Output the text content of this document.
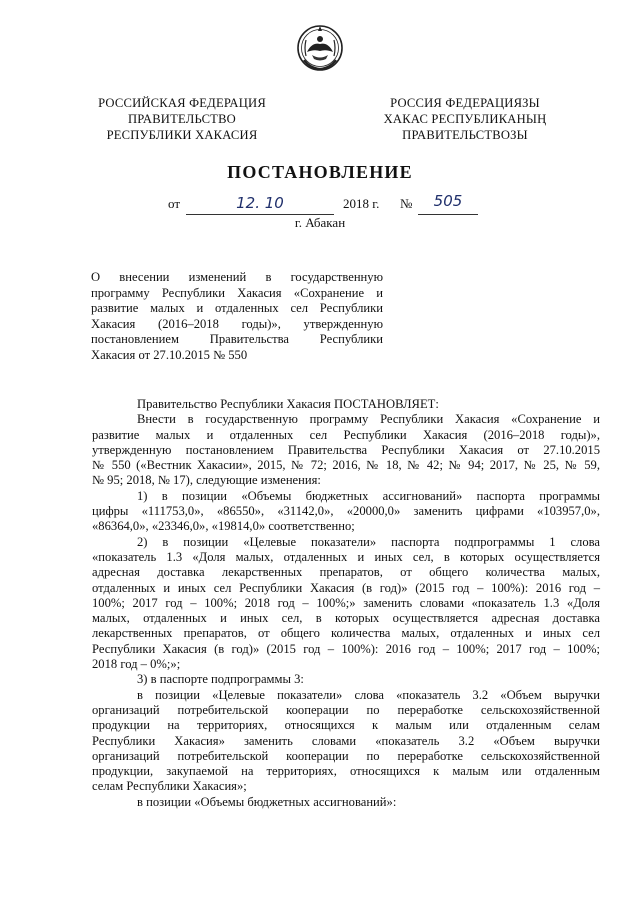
РОССИЙСКАЯ ФЕДЕРАЦИЯ
ПРАВИТЕЛЬСТВО
РЕСПУБЛИКИ ХАКАСИЯ
РОССИЯ ФЕДЕРАЦИЯЗЫ
ХАКАС РЕСПУБЛИКАНЫҢ
ПРАВИТЕЛЬСТВОЗЫ
ПОСТАНОВЛЕНИЕ
от	12. 10	2018 г. №	505
г. Абакан
О внесении изменений в государственную
программу Республики Хакасия «Сохранение и
развитие малых и отдаленных сел Республики
Хакасия (2016–2018 годы)», утвержденную
постановлением Правительства Республики
Хакасия от 27.10.2015 № 550
Правительство Республики Хакасия ПОСТАНОВЛЯЕТ:
Внести в государственную программу Республики Хакасия «Сохранение и
развитие малых и отдаленных сел Республики Хакасия (2016–2018 годы)»,
утвержденную постановлением Правительства Республики Хакасия от 27.10.2015
№ 550 («Вестник Хакасии», 2015, № 72; 2016, № 18, № 42; № 94; 2017, № 25, № 59,
№ 95; 2018, № 17), следующие изменения:
1) в позиции «Объемы бюджетных ассигнований» паспорта программы
цифры «111753,0», «86550», «31142,0», «20000,0» заменить цифрами «103957,0»,
«86364,0», «23346,0», «19814,0» соответственно;
2) в позиции «Целевые показатели» паспорта подпрограммы 1 слова
«показатель 1.3 «Доля малых, отдаленных и иных сел, в которых осуществляется
адресная доставка лекарственных препаратов, от общего количества малых,
отдаленных и иных сел Республики Хакасия (в год)» (2015 год – 100%): 2016 год –
100%; 2017 год – 100%; 2018 год – 100%;» заменить словами «показатель 1.3 «Доля
малых, отдаленных и иных сел, в которых осуществляется адресная доставка
лекарственных препаратов, от общего количества малых, отдаленных и иных сел
Республики Хакасия (в год)» (2015 год – 100%): 2016 год – 100%; 2017 год – 100%;
2018 год – 0%;»;
3) в паспорте подпрограммы 3:
в позиции «Целевые показатели» слова «показатель 3.2 «Объем выручки
организаций потребительской кооперации по переработке сельскохозяйственной
продукции на территориях, относящихся к малым или отдаленным селам
Республики Хакасия» заменить словами «показатель 3.2 «Объем выручки
организаций потребительской кооперации по переработке сельскохозяйственной
продукции, закупаемой на территориях, относящихся к малым или отдаленным
селам Республики Хакасия»;
в позиции «Объемы бюджетных ассигнований»:
